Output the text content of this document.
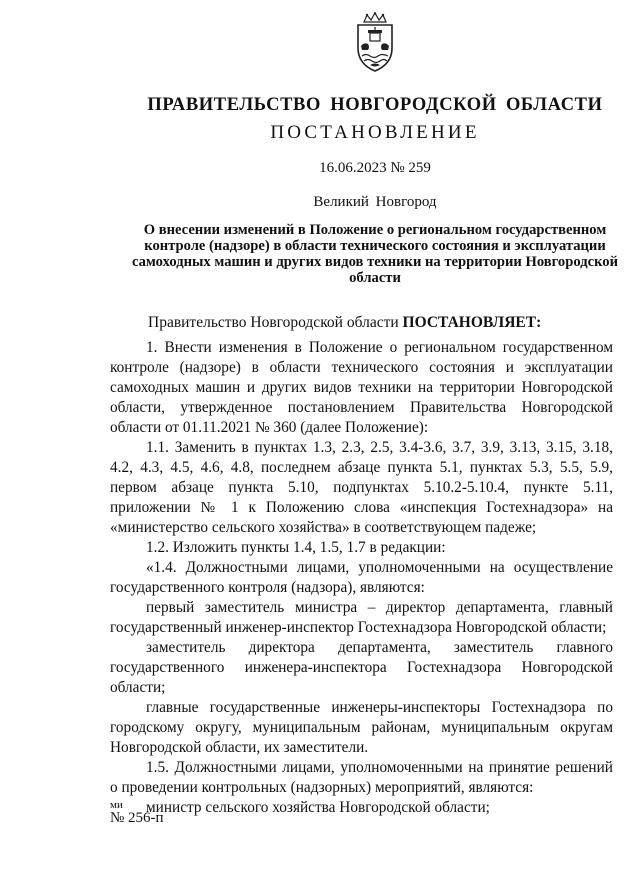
ПРАВИТЕЛЬСТВО НОВГОРОДСКОЙ ОБЛАСТИ
ПОСТАНОВЛЕНИЕ
16.06.2023 № 259
Великий Новгород
О внесении изменений в Положение о региональном государственном контроле (надзоре) в области технического состояния и эксплуатации самоходных машин и других видов техники на территории Новгородской области
Правительство Новгородской области ПОСТАНОВЛЯЕТ:

1. Внести изменения в Положение о региональном государственном контроле (надзоре) в области технического состояния и эксплуатации самоходных машин и других видов техники на территории Новгородской области, утвержденное постановлением Правительства Новгородской области от 01.11.2021 № 360 (далее Положение):

1.1. Заменить в пунктах 1.3, 2.3, 2.5, 3.4-3.6, 3.7, 3.9, 3.13, 3.15, 3.18, 4.2, 4.3, 4.5, 4.6, 4.8, последнем абзаце пункта 5.1, пунктах 5.3, 5.5, 5.9, первом абзаце пункта 5.10, подпунктах 5.10.2-5.10.4, пункте 5.11, приложении № 1 к Положению слова «инспекция Гостехнадзора» на «министерство сельского хозяйства» в соответствующем падеже;

1.2. Изложить пункты 1.4, 1.5, 1.7 в редакции:

«1.4. Должностными лицами, уполномоченными на осуществление государственного контроля (надзора), являются:

первый заместитель министра – директор департамента, главный государственный инженер-инспектор Гостехнадзора Новгородской области;

заместитель директора департамента, заместитель главного государственного инженера-инспектора Гостехнадзора Новгородской области;

главные государственные инженеры-инспекторы Гостехнадзора по городскому округу, муниципальным районам, муниципальным округам Новгородской области, их заместители.

1.5. Должностными лицами, уполномоченными на принятие решений о проведении контрольных (надзорных) мероприятий, являются:

министр сельского хозяйства Новгородской области;

ми
№ 256-п
